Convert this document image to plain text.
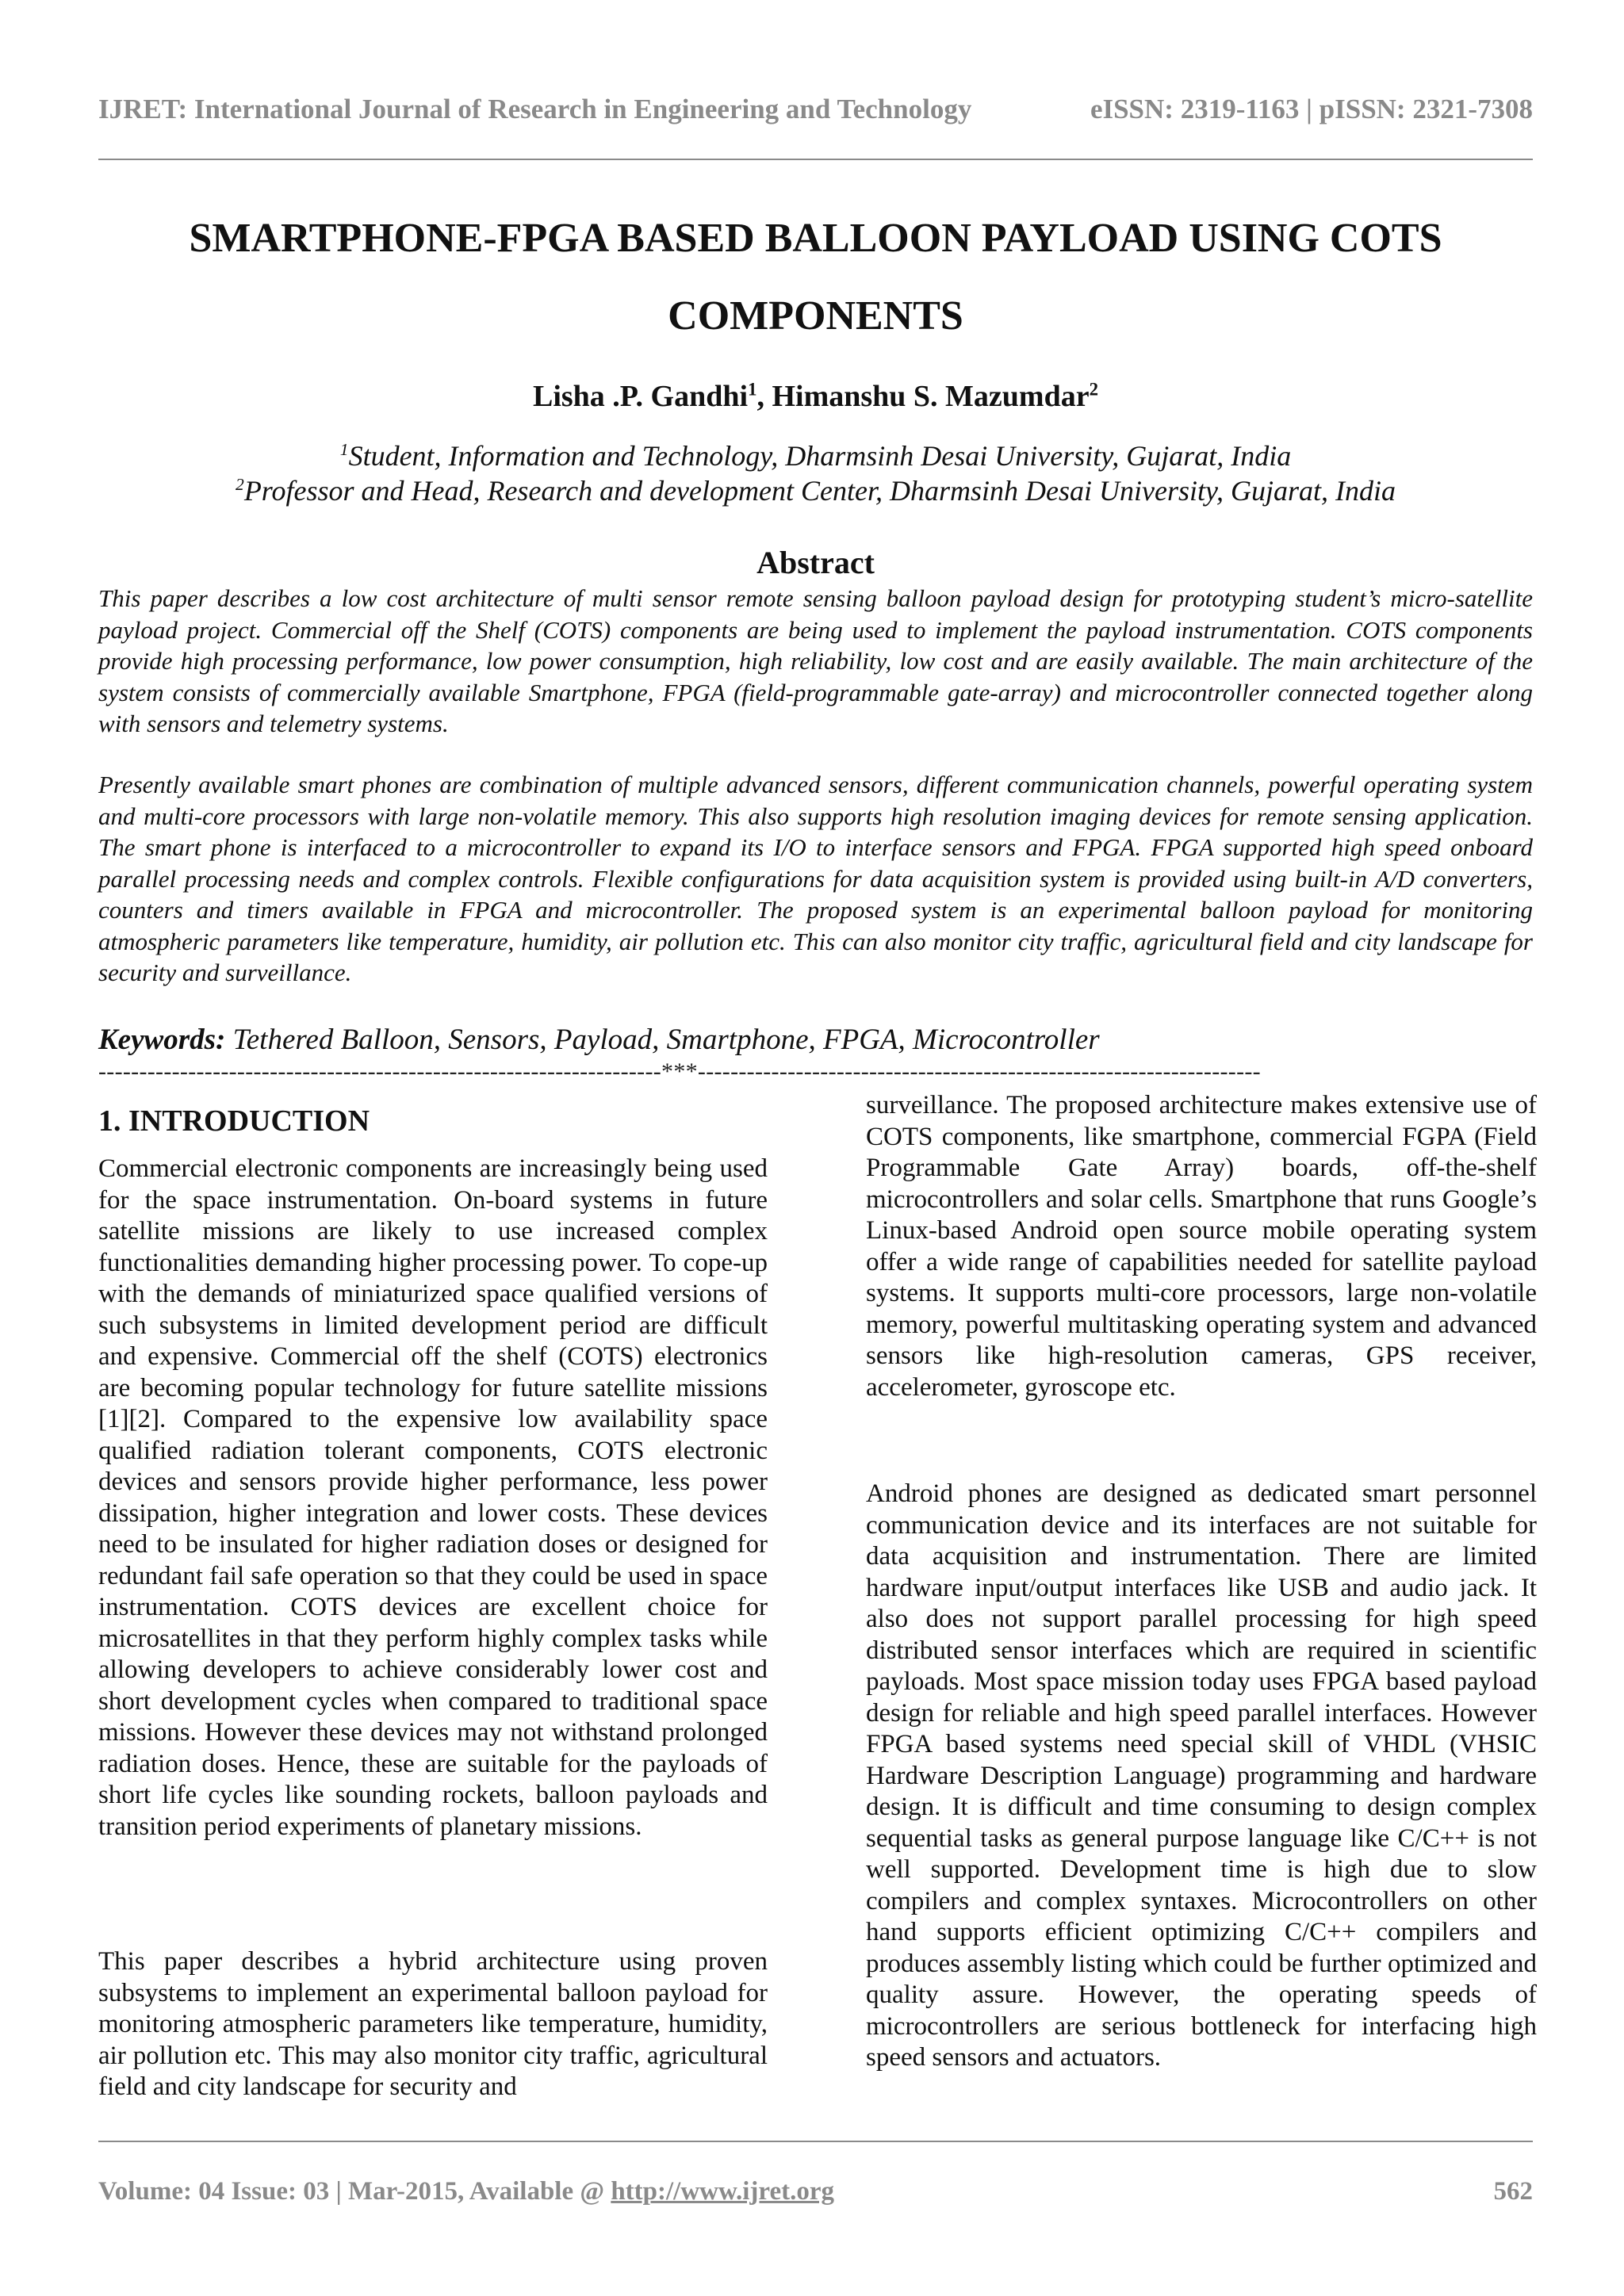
IJRET: International Journal of Research in Engineering and Technology	eISSN: 2319-1163 | pISSN: 2321-7308
SMARTPHONE-FPGA BASED BALLOON PAYLOAD USING COTS
COMPONENTS
Lisha .P. Gandhi$^1$, Himanshu S. Mazumdar$^2$
$^1$Student, Information and Technology, Dharmsinh Desai University, Gujarat, India
$^2$Professor and Head, Research and development Center, Dharmsinh Desai University, Gujarat, India
Abstract

This paper describes a low cost architecture of multi sensor remote sensing balloon payload design for prototyping student’s micro-satellite payload project. Commercial off the Shelf (COTS) components are being used to implement the payload instrumentation. COTS components provide high processing performance, low power consumption, high reliability, low cost and are easily available. The main architecture of the system consists of commercially available Smartphone, FPGA (field-programmable gate-array) and microcontroller connected together along with sensors and telemetry systems.

Presently available smart phones are combination of multiple advanced sensors, different communication channels, powerful operating system and multi-core processors with large non-volatile memory. This also supports high resolution imaging devices for remote sensing application. The smart phone is interfaced to a microcontroller to expand its I/O to interface sensors and FPGA. FPGA supported high speed onboard parallel processing needs and complex controls. Flexible configurations for data acquisition system is provided using built-in A/D converters, counters and timers available in FPGA and microcontroller. The proposed system is an experimental balloon payload for monitoring atmospheric parameters like temperature, humidity, air pollution etc. This can also monitor city traffic, agricultural field and city landscape for security and surveillance.

Keywords: Tethered Balloon, Sensors, Payload, Smartphone, FPGA, Microcontroller
---------------------------------------------------------------------***---------------------------------------------------------------------
1. INTRODUCTION

Commercial electronic components are increasingly being used for the space instrumentation. On-board systems in future satellite missions are likely to use increased complex functionalities demanding higher processing power. To cope-up with the demands of miniaturized space qualified versions of such subsystems in limited development period are difficult and expensive. Commercial off the shelf (COTS) electronics are becoming popular technology for future satellite missions [1][2]. Compared to the expensive low availability space qualified radiation tolerant components, COTS electronic devices and sensors provide higher performance, less power dissipation, higher integration and lower costs. These devices need to be insulated for higher radiation doses or designed for redundant fail safe operation so that they could be used in space instrumentation. COTS devices are excellent choice for microsatellites in that they perform highly complex tasks while allowing developers to achieve considerably lower cost and short development cycles when compared to traditional space missions. However these devices may not withstand prolonged radiation doses. Hence, these are suitable for the payloads of short life cycles like sounding rockets, balloon payloads and transition period experiments of planetary missions.

This paper describes a hybrid architecture using proven subsystems to implement an experimental balloon payload for monitoring atmospheric parameters like temperature, humidity, air pollution etc. This may also monitor city traffic, agricultural field and city landscape for security and

surveillance. The proposed architecture makes extensive use of COTS components, like smartphone, commercial FGPA (Field Programmable Gate Array) boards, off-the-shelf microcontrollers and solar cells. Smartphone that runs Google’s Linux-based Android open source mobile operating system offer a wide range of capabilities needed for satellite payload systems. It supports multi-core processors, large non-volatile memory, powerful multitasking operating system and advanced sensors like high-resolution cameras, GPS receiver, accelerometer, gyroscope etc.

Android phones are designed as dedicated smart personnel communication device and its interfaces are not suitable for data acquisition and instrumentation. There are limited hardware input/output interfaces like USB and audio jack. It also does not support parallel processing for high speed distributed sensor interfaces which are required in scientific payloads. Most space mission today uses FPGA based payload design for reliable and high speed parallel interfaces. However FPGA based systems need special skill of VHDL (VHSIC Hardware Description Language) programming and hardware design. It is difficult and time consuming to design complex sequential tasks as general purpose language like C/C++ is not well supported. Development time is high due to slow compilers and complex syntaxes. Microcontrollers on other hand supports efficient optimizing C/C++ compilers and produces assembly listing which could be further optimized and quality assure. However, the operating speeds of microcontrollers are serious bottleneck for interfacing high speed sensors and actuators.

Volume: 04 Issue: 03 | Mar-2015, Available @ http://www.ijret.org	562
